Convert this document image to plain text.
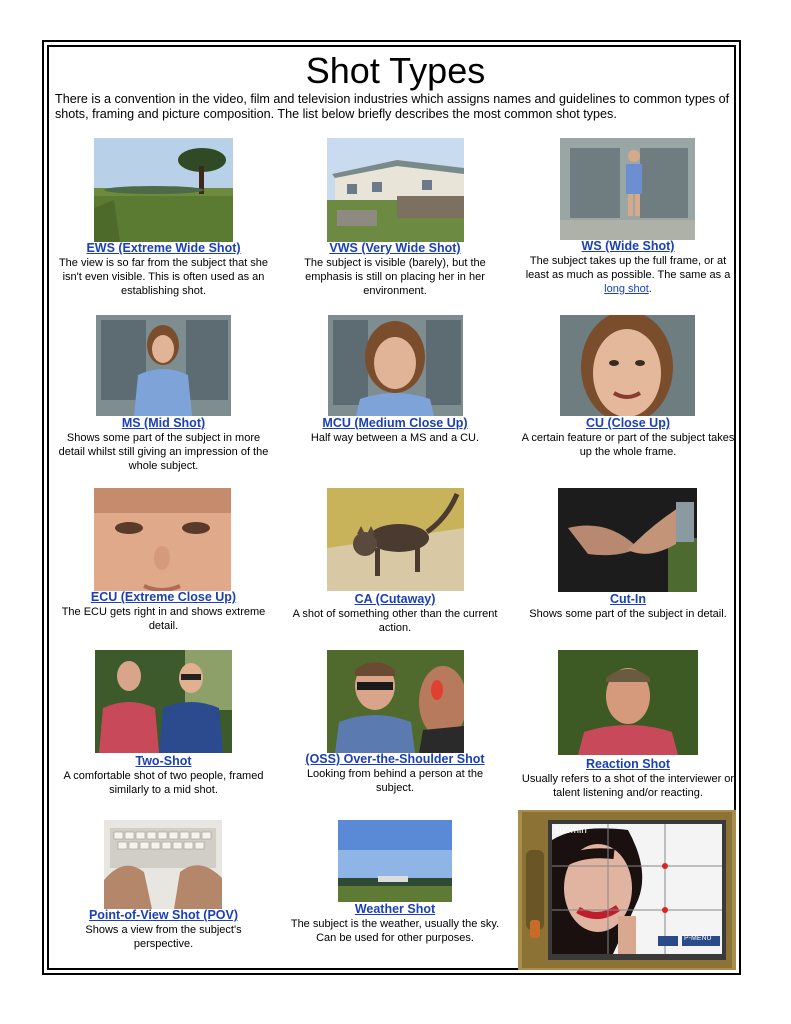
Shot Types
There is a convention in the video, film and television industries which assigns names and guidelines to common types of shots, framing and picture composition. The list below briefly describes the most common shot types.
EWS (Extreme Wide Shot)
The view is so far from the subject that she isn't even visible. This is often used as an establishing shot.
VWS (Very Wide Shot)
The subject is visible (barely), but the emphasis is still on placing her in her environment.
WS (Wide Shot)
The subject takes up the full frame, or at least as much as possible. The same as a long shot.
MS (Mid Shot)
Shows some part of the subject in more detail whilst still giving an impression of the whole subject.
MCU (Medium Close Up)
Half way between a MS and a CU.
CU (Close Up)
A certain feature or part of the subject takes up the whole frame.
ECU (Extreme Close Up)
The ECU gets right in and shows extreme detail.
CA (Cutaway)
A shot of something other than the current action.
Cut-In
Shows some part of the subject in detail.
Two-Shot
A comfortable shot of two people, framed similarly to a mid shot.
(OSS) Over-the-Shoulder Shot
Looking from behind a person at the subject.
Reaction Shot
Usually refers to a shot of the interviewer or talent listening and/or reacting.
Point-of-View Shot (POV)
Shows a view from the subject's perspective.
Weather Shot
The subject is the weather, usually the sky. Can be used for other purposes.
105min
P-MENU
